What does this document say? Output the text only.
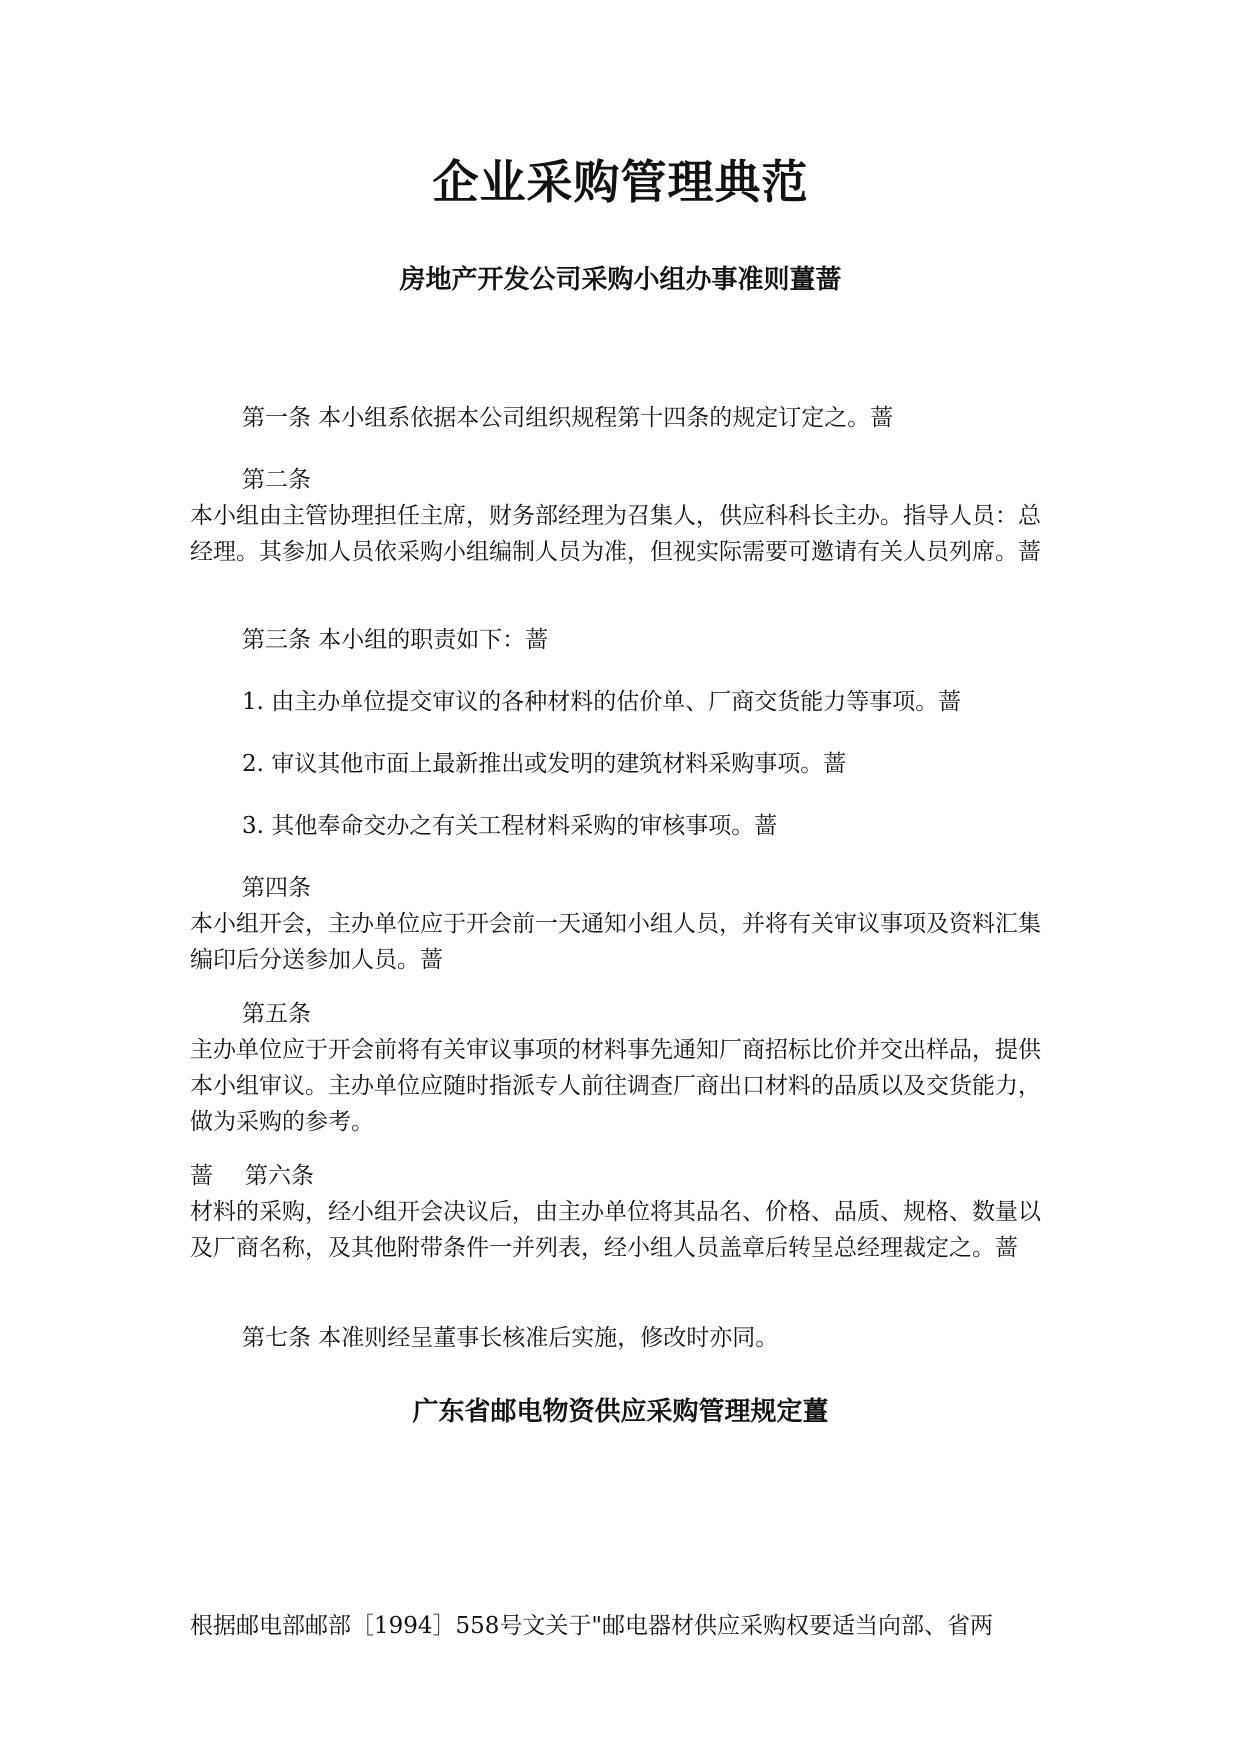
企业采购管理典范
房地产开发公司采购小组办事准则薑蔷

第一条 本小组系依据本公司组织规程第十四条的规定订定之。蔷

第二条

本小组由主管协理担任主席，财务部经理为召集人，供应科科长主办。指导人员：总经理。其参加人员依采购小组编制人员为准，但视实际需要可邀请有关人员列席。蔷

第三条 本小组的职责如下：蔷

1. 由主办单位提交审议的各种材料的估价单、厂商交货能力等事项。蔷

2. 审议其他市面上最新推出或发明的建筑材料采购事项。蔷

3. 其他奉命交办之有关工程材料采购的审核事项。蔷

第四条

本小组开会，主办单位应于开会前一天通知小组人员，并将有关审议事项及资料汇集编印后分送参加人员。蔷

第五条

主办单位应于开会前将有关审议事项的材料事先通知厂商招标比价并交出样品，提供本小组审议。主办单位应随时指派专人前往调查厂商出口材料的品质以及交货能力，做为采购的参考。

蔷 第六条

材料的采购，经小组开会决议后，由主办单位将其品名、价格、品质、规格、数量以及厂商名称，及其他附带条件一并列表，经小组人员盖章后转呈总经理裁定之。蔷

第七条 本准则经呈董事长核准后实施，修改时亦同。

广东省邮电物资供应采购管理规定薑

根据邮电部邮部［1994］558号文关于"邮电器材供应采购权要适当向部、省两
